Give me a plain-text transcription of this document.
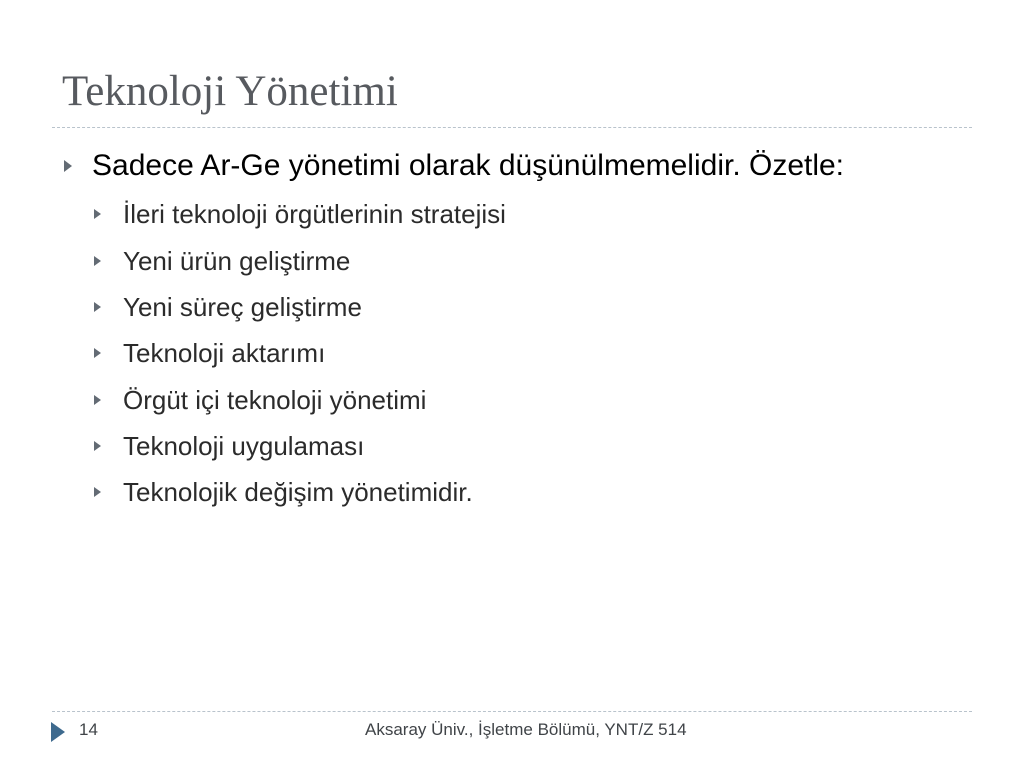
Teknoloji Yönetimi
Sadece Ar-Ge yönetimi olarak düşünülmemelidir. Özetle:
İleri teknoloji örgütlerinin stratejisi
Yeni ürün geliştirme
Yeni süreç geliştirme
Teknoloji aktarımı
Örgüt içi teknoloji yönetimi
Teknoloji uygulaması
Teknolojik değişim yönetimidir.
14	Aksaray Üniv., İşletme Bölümü, YNT/Z 514
